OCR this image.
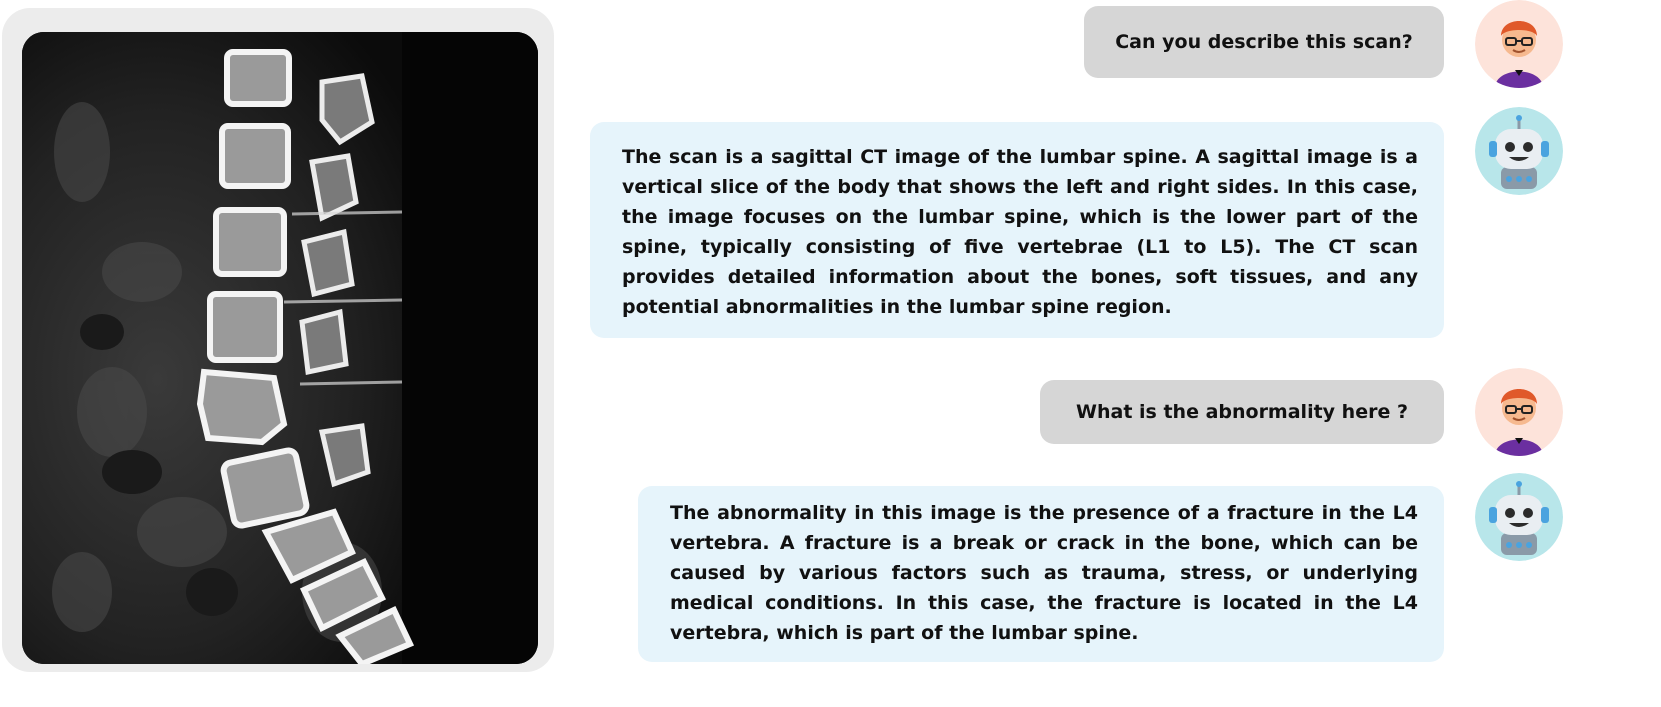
Can you describe this scan?
The scan is a sagittal CT image of the lumbar spine. A sagittal image is a vertical slice of the body that shows the left and right sides. In this case, the image focuses on the lumbar spine, which is the lower part of the spine, typically consisting of five vertebrae (L1 to L5). The CT scan provides detailed information about the bones, soft tissues, and any potential abnormalities in the lumbar spine region.
What is the abnormality here ?
The abnormality in this image is the presence of a fracture in the L4 vertebra. A fracture is a break or crack in the bone, which can be caused by various factors such as trauma, stress, or underlying medical conditions. In this case, the fracture is located in the L4 vertebra, which is part of the lumbar spine.
